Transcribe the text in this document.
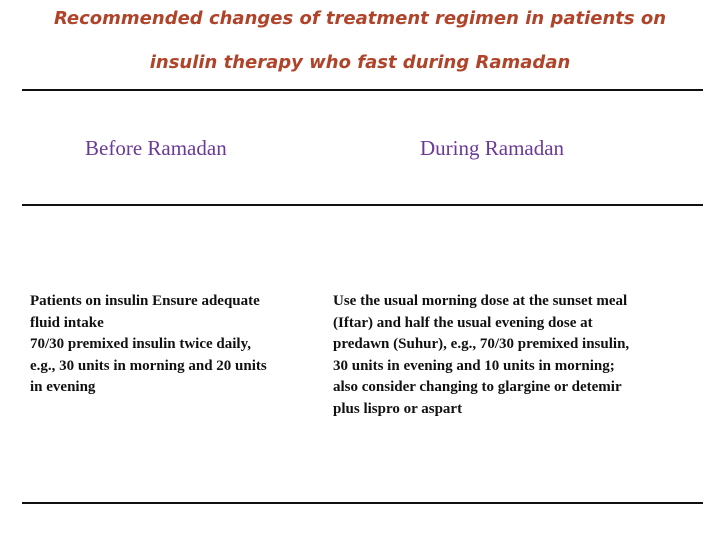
Recommended changes of treatment regimen in patients on
insulin therapy who fast during Ramadan
Before Ramadan	During Ramadan
Patients on insulin Ensure adequate
fluid intake
70/30 premixed insulin twice daily,
e.g., 30 units in morning and 20 units
in evening
Use the usual morning dose at the sunset meal
(Iftar) and half the usual evening dose at
predawn (Suhur), e.g., 70/30 premixed insulin,
30 units in evening and 10 units in morning;
also consider changing to glargine or detemir
plus lispro or aspart
